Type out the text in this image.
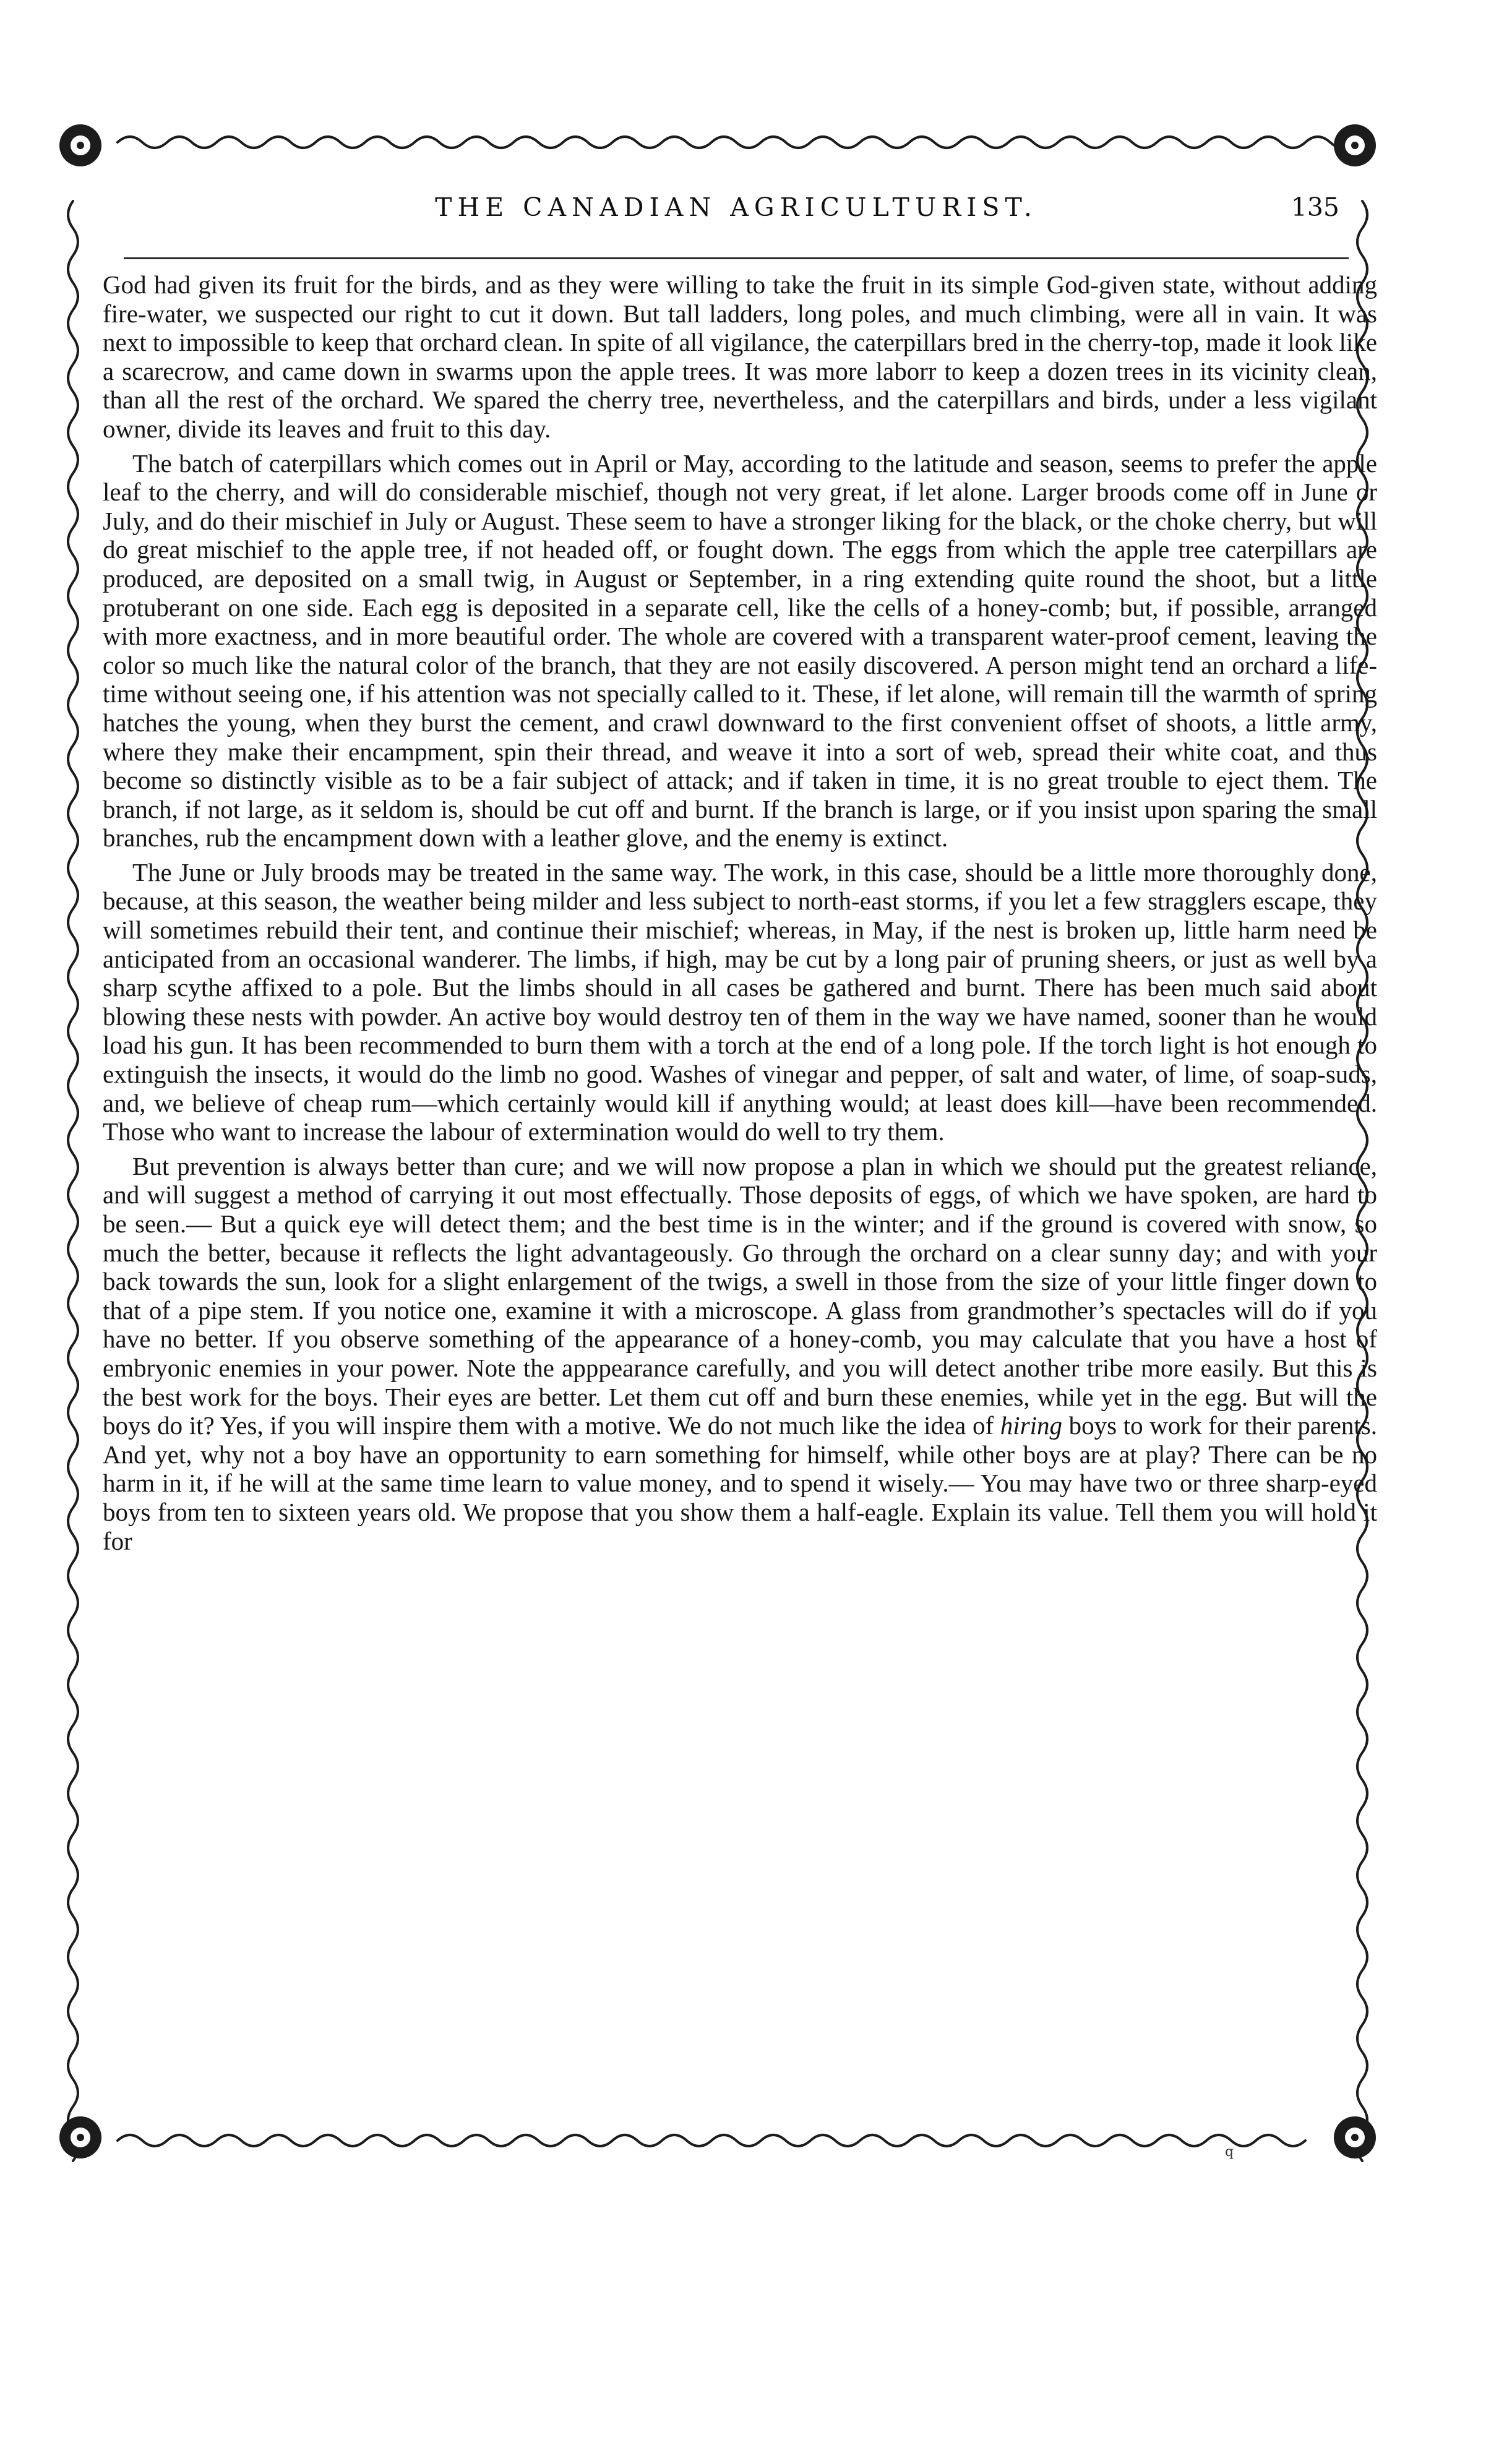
THE CANADIAN AGRICULTURIST.	135

God had given its fruit for the birds, and as they were willing to take the fruit in its simple God-given state, without adding fire-water, we suspected our right to cut it down. But tall ladders, long poles, and much climbing, were all in vain. It was next to impossible to keep that orchard clean. In spite of all vigilance, the caterpillars bred in the cherry-top, made it look like a scarecrow, and came down in swarms upon the apple trees. It was more laborr to keep a dozen trees in its vicinity clean, than all the rest of the orchard. We spared the cherry tree, nevertheless, and the caterpillars and birds, under a less vigilant owner, divide its leaves and fruit to this day.

The batch of caterpillars which comes out in April or May, according to the latitude and season, seems to prefer the apple leaf to the cherry, and will do considerable mischief, though not very great, if let alone. Larger broods come off in June or July, and do their mischief in July or August. These seem to have a stronger liking for the black, or the choke cherry, but will do great mischief to the apple tree, if not headed off, or fought down. The eggs from which the apple tree caterpillars are produced, are deposited on a small twig, in August or September, in a ring extending quite round the shoot, but a little protuberant on one side. Each egg is deposited in a separate cell, like the cells of a honey-comb; but, if possible, arranged with more exactness, and in more beautiful order. The whole are covered with a transparent water-proof cement, leaving the color so much like the natural color of the branch, that they are not easily discovered. A person might tend an orchard a life-time without seeing one, if his attention was not specially called to it. These, if let alone, will remain till the warmth of spring hatches the young, when they burst the cement, and crawl downward to the first convenient offset of shoots, a little army, where they make their encampment, spin their thread, and weave it into a sort of web, spread their white coat, and thus become so distinctly visible as to be a fair subject of attack; and if taken in time, it is no great trouble to eject them. The branch, if not large, as it seldom is, should be cut off and burnt. If the branch is large, or if you insist upon sparing the small branches, rub the encampment down with a leather glove, and the enemy is extinct.

The June or July broods may be treated in the same way. The work, in this case, should be a little more thoroughly done, because, at this season, the weather being milder and less subject to north-east storms, if you let a few stragglers escape, they will sometimes rebuild their tent, and continue their mischief; whereas, in May, if the nest is broken up, little harm need be anticipated from an occasional wanderer. The limbs, if high, may be cut by a long pair of pruning sheers, or just as well by a sharp scythe affixed to a pole. But the limbs should in all cases be gathered and burnt. There has been much said about blowing these nests with powder. An active boy would destroy ten of them in the way we have named, sooner than he would load his gun. It has been recommended to burn them with a torch at the end of a long pole. If the torch light is hot enough to extinguish the insects, it would do the limb no good. Washes of vinegar and pepper, of salt and water, of lime, of soap-suds, and, we believe of cheap rum—which certainly would kill if anything would; at least does kill—have been recommended. Those who want to increase the labour of extermination would do well to try them.

But prevention is always better than cure; and we will now propose a plan in which we should put the greatest reliance, and will suggest a method of carrying it out most effectually. Those deposits of eggs, of which we have spoken, are hard to be seen.— But a quick eye will detect them; and the best time is in the winter; and if the ground is covered with snow, so much the better, because it reflects the light advantageously. Go through the orchard on a clear sunny day; and with your back towards the sun, look for a slight enlargement of the twigs, a swell in those from the size of your little finger down to that of a pipe stem. If you notice one, examine it with a microscope. A glass from grandmother’s spectacles will do if you have no better. If you observe something of the appearance of a honey-comb, you may calculate that you have a host of embryonic enemies in your power. Note the apppearance carefully, and you will detect another tribe more easily. But this is the best work for the boys. Their eyes are better. Let them cut off and burn these enemies, while yet in the egg. But will the boys do it? Yes, if you will inspire them with a motive. We do not much like the idea of hiring boys to work for their parents. And yet, why not a boy have an opportunity to earn something for himself, while other boys are at play? There can be no harm in it, if he will at the same time learn to value money, and to spend it wisely.— You may have two or three sharp-eyed boys from ten to sixteen years old. We propose that you show them a half-eagle. Explain its value. Tell them you will hold it for

q
